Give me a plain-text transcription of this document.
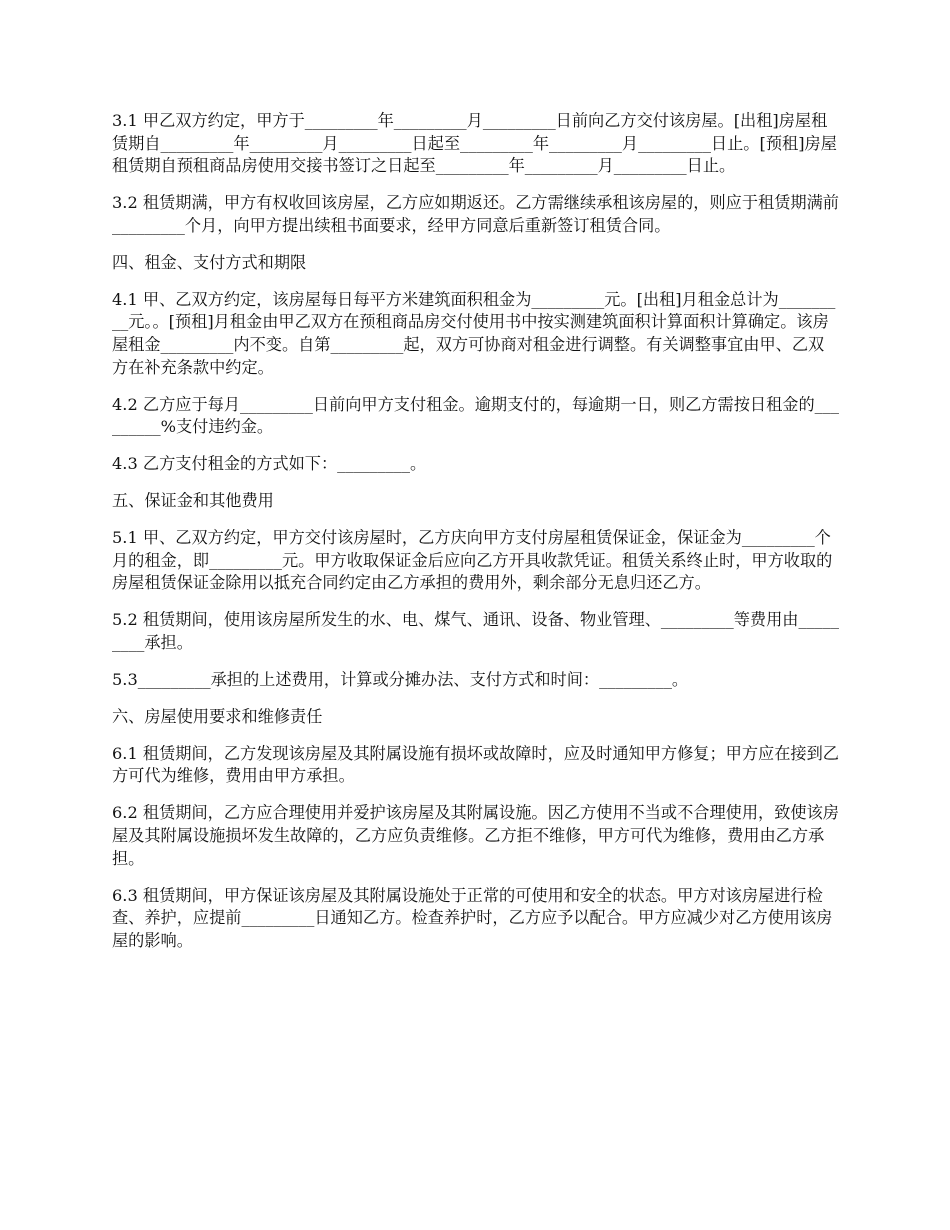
3.1 甲乙双方约定，甲方于_________年_________月_________日前向乙方交付该房屋。[出租]房屋租赁期自_________年_________月_________日起至_________年_________月_________日止。[预租]房屋租赁期自预租商品房使用交接书签订之日起至_________年_________月_________日止。

3.2 租赁期满，甲方有权收回该房屋，乙方应如期返还。乙方需继续承租该房屋的，则应于租赁期满前_________个月，向甲方提出续租书面要求，经甲方同意后重新签订租赁合同。

四、租金、支付方式和期限

4.1 甲、乙双方约定，该房屋每日每平方米建筑面积租金为_________元。[出租]月租金总计为_________元。。[预租]月租金由甲乙双方在预租商品房交付使用书中按实测建筑面积计算面积计算确定。该房屋租金_________内不变。自第_________起，双方可协商对租金进行调整。有关调整事宜由甲、乙双方在补充条款中约定。

4.2 乙方应于每月_________日前向甲方支付租金。逾期支付的，每逾期一日，则乙方需按日租金的_________%支付违约金。

4.3 乙方支付租金的方式如下：_________。

五、保证金和其他费用

5.1 甲、乙双方约定，甲方交付该房屋时，乙方庆向甲方支付房屋租赁保证金，保证金为_________个月的租金，即_________元。甲方收取保证金后应向乙方开具收款凭证。租赁关系终止时，甲方收取的房屋租赁保证金除用以抵充合同约定由乙方承担的费用外，剩余部分无息归还乙方。

5.2 租赁期间，使用该房屋所发生的水、电、煤气、通讯、设备、物业管理、_________等费用由_________承担。

5.3_________承担的上述费用，计算或分摊办法、支付方式和时间：_________。

六、房屋使用要求和维修责任

6.1 租赁期间，乙方发现该房屋及其附属设施有损坏或故障时，应及时通知甲方修复；甲方应在接到乙方可代为维修，费用由甲方承担。

6.2 租赁期间，乙方应合理使用并爱护该房屋及其附属设施。因乙方使用不当或不合理使用，致使该房屋及其附属设施损坏发生故障的，乙方应负责维修。乙方拒不维修，甲方可代为维修，费用由乙方承担。

6.3 租赁期间，甲方保证该房屋及其附属设施处于正常的可使用和安全的状态。甲方对该房屋进行检查、养护，应提前_________日通知乙方。检查养护时，乙方应予以配合。甲方应减少对乙方使用该房屋的影响。
